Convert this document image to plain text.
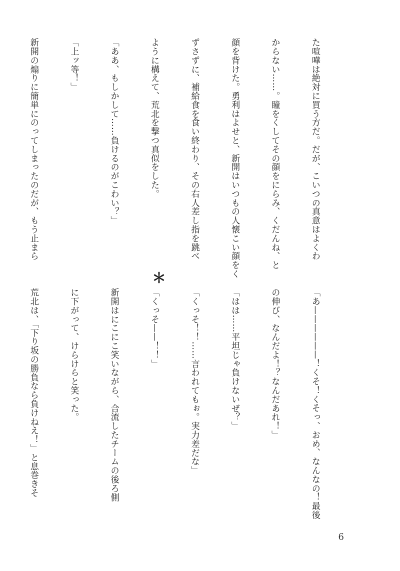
た喧嘩は絶対に買う方だ。だが、こいつの真意はよくわ

からない……。瞳をくしてその顔をにらみ、くだんね、と

顔を背けた。勇利はよせと、新開はいつもの人懐こい顔をく

ずさずに、補給食を食い終わり、その右人差し指を跳べ

ように構えて、荒北を撃つ真似をした。

「ああ、もしかして……負けるのがこわい？」

「上ッ等！」

新開の煽りに簡単にのってしまったのだが、もう止まら

＊

「あ——————！くそ！くそっ、おめ、なんなの！最後

の伸び、なんだよ！？なんだあれ！」

「はは……平坦じゃ負けないぜ？」

「くっそ！！……言われてもぉ。実力差だな」

「くっそ——！！」

新開はにこにこ笑いながら、合流したチームの後ろ側

に下がって、けらけらと笑った。

荒北は、「下り坂の勝負なら負けねえ！」と息巻きそ

6
